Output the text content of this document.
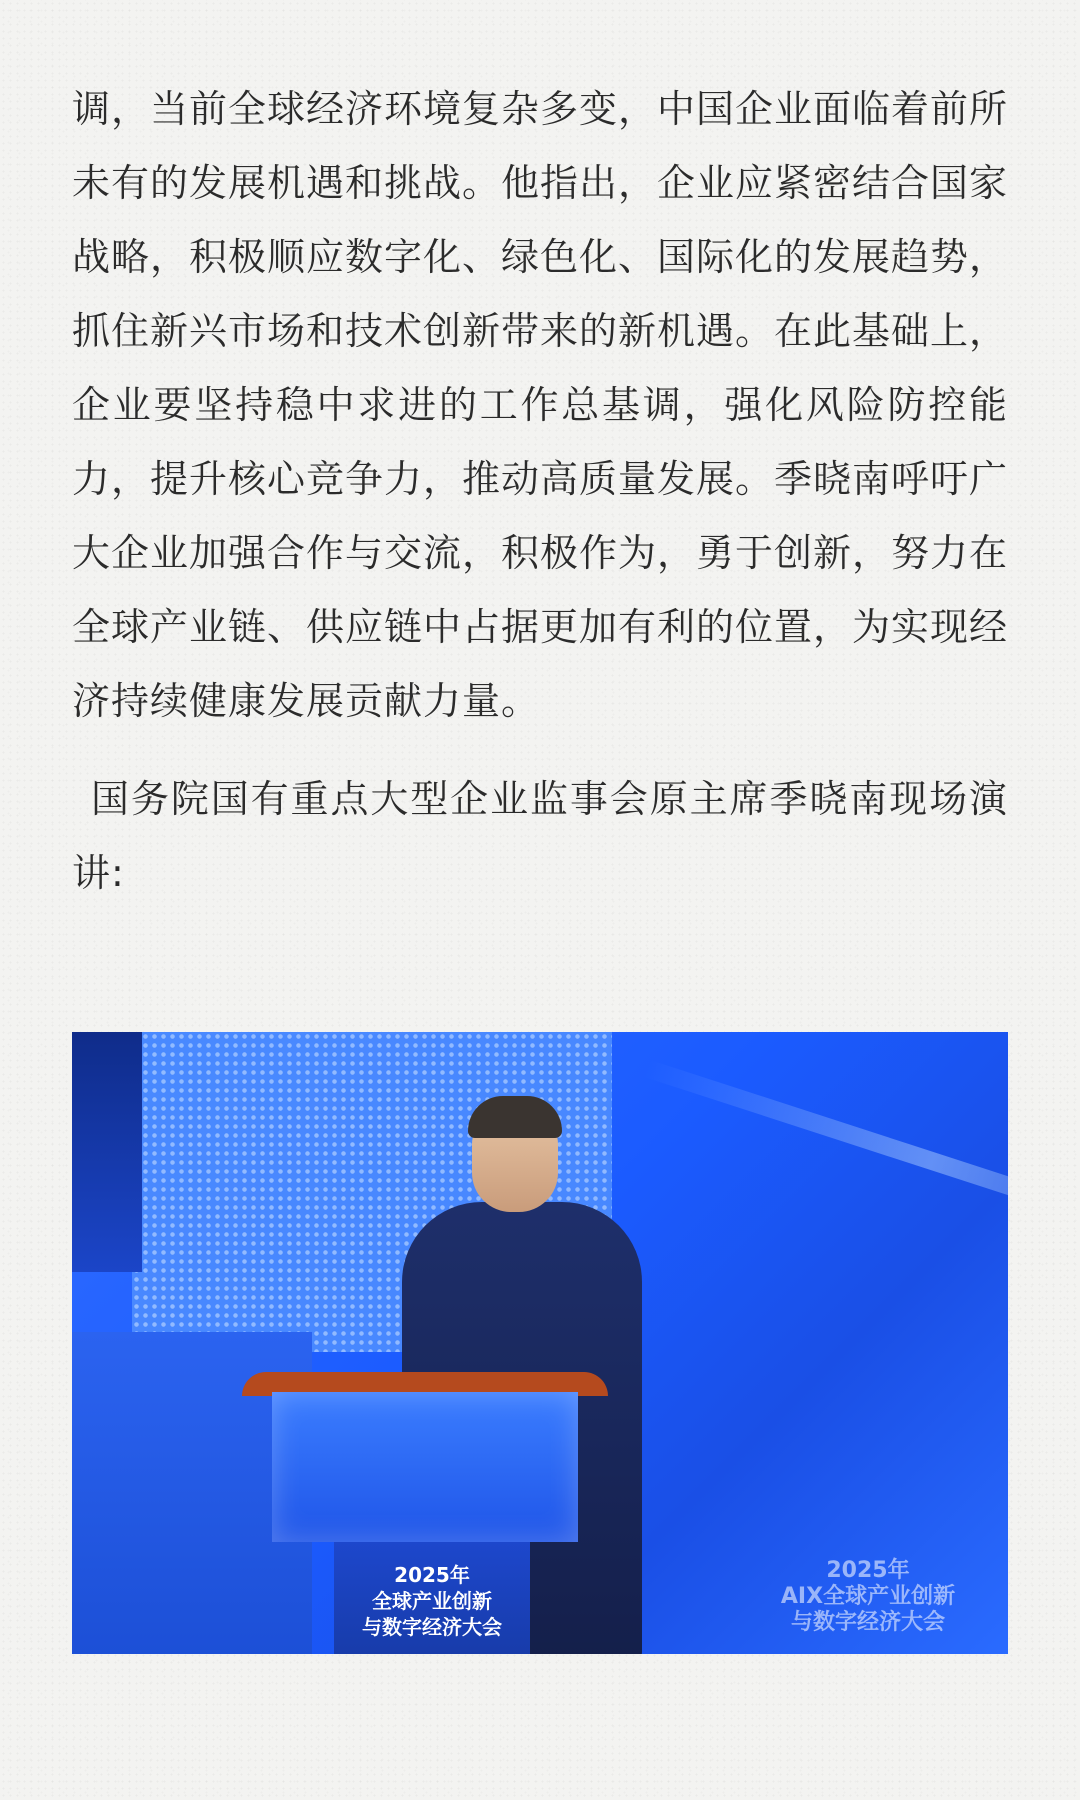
调，当前全球经济环境复杂多变，中国企业面临着前所未有的发展机遇和挑战。他指出，企业应紧密结合国家战略，积极顺应数字化、绿色化、国际化的发展趋势，抓住新兴市场和技术创新带来的新机遇。在此基础上，企业要坚持稳中求进的工作总基调，强化风险防控能力，提升核心竞争力，推动高质量发展。季晓南呼吁广大企业加强合作与交流，积极作为，勇于创新，努力在全球产业链、供应链中占据更加有利的位置，为实现经济持续健康发展贡献力量。

国务院国有重点大型企业监事会原主席季晓南现场演讲:

2025年
全球产业创新
与数字经济大会
2025年
AIX全球产业创新
与数字经济大会
